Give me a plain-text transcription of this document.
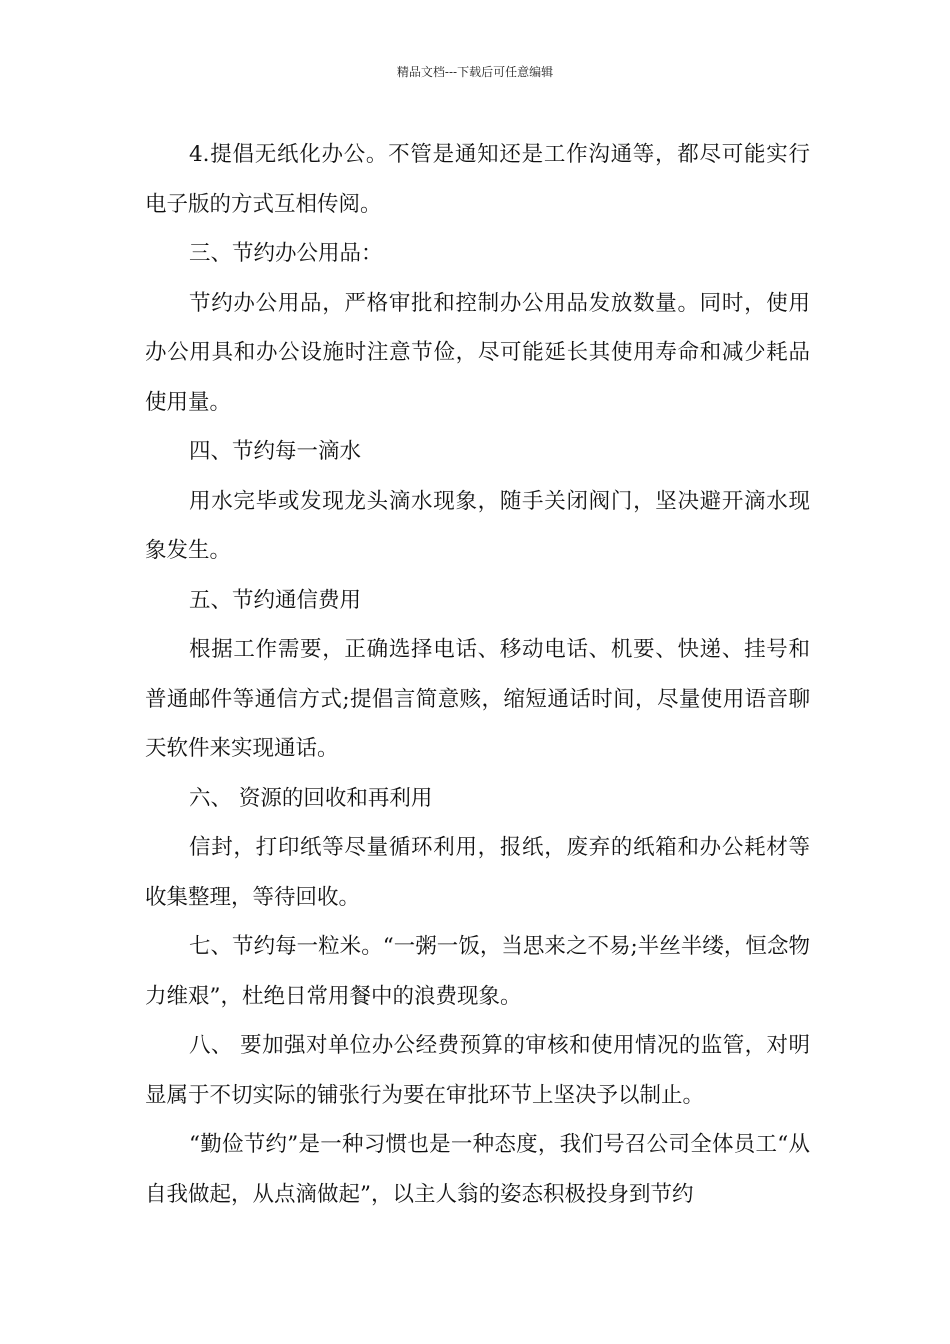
精品文档---下载后可任意编辑

4.提倡无纸化办公。不管是通知还是工作沟通等，都尽可能实行电子版的方式互相传阅。

三、节约办公用品：

节约办公用品，严格审批和控制办公用品发放数量。同时，使用办公用具和办公设施时注意节俭，尽可能延长其使用寿命和减少耗品使用量。

四、节约每一滴水

用水完毕或发现龙头滴水现象，随手关闭阀门，坚决避开滴水现象发生。

五、节约通信费用

根据工作需要，正确选择电话、移动电话、机要、快递、挂号和普通邮件等通信方式;提倡言简意赅，缩短通话时间，尽量使用语音聊天软件来实现通话。

六、 资源的回收和再利用

信封，打印纸等尽量循环利用，报纸，废弃的纸箱和办公耗材等收集整理，等待回收。

七、节约每一粒米。“一粥一饭，当思来之不易;半丝半缕，恒念物力维艰”，杜绝日常用餐中的浪费现象。

八、 要加强对单位办公经费预算的审核和使用情况的监管，对明显属于不切实际的铺张行为要在审批环节上坚决予以制止。

“勤俭节约”是一种习惯也是一种态度，我们号召公司全体员工“从自我做起，从点滴做起”，以主人翁的姿态积极投身到节约
